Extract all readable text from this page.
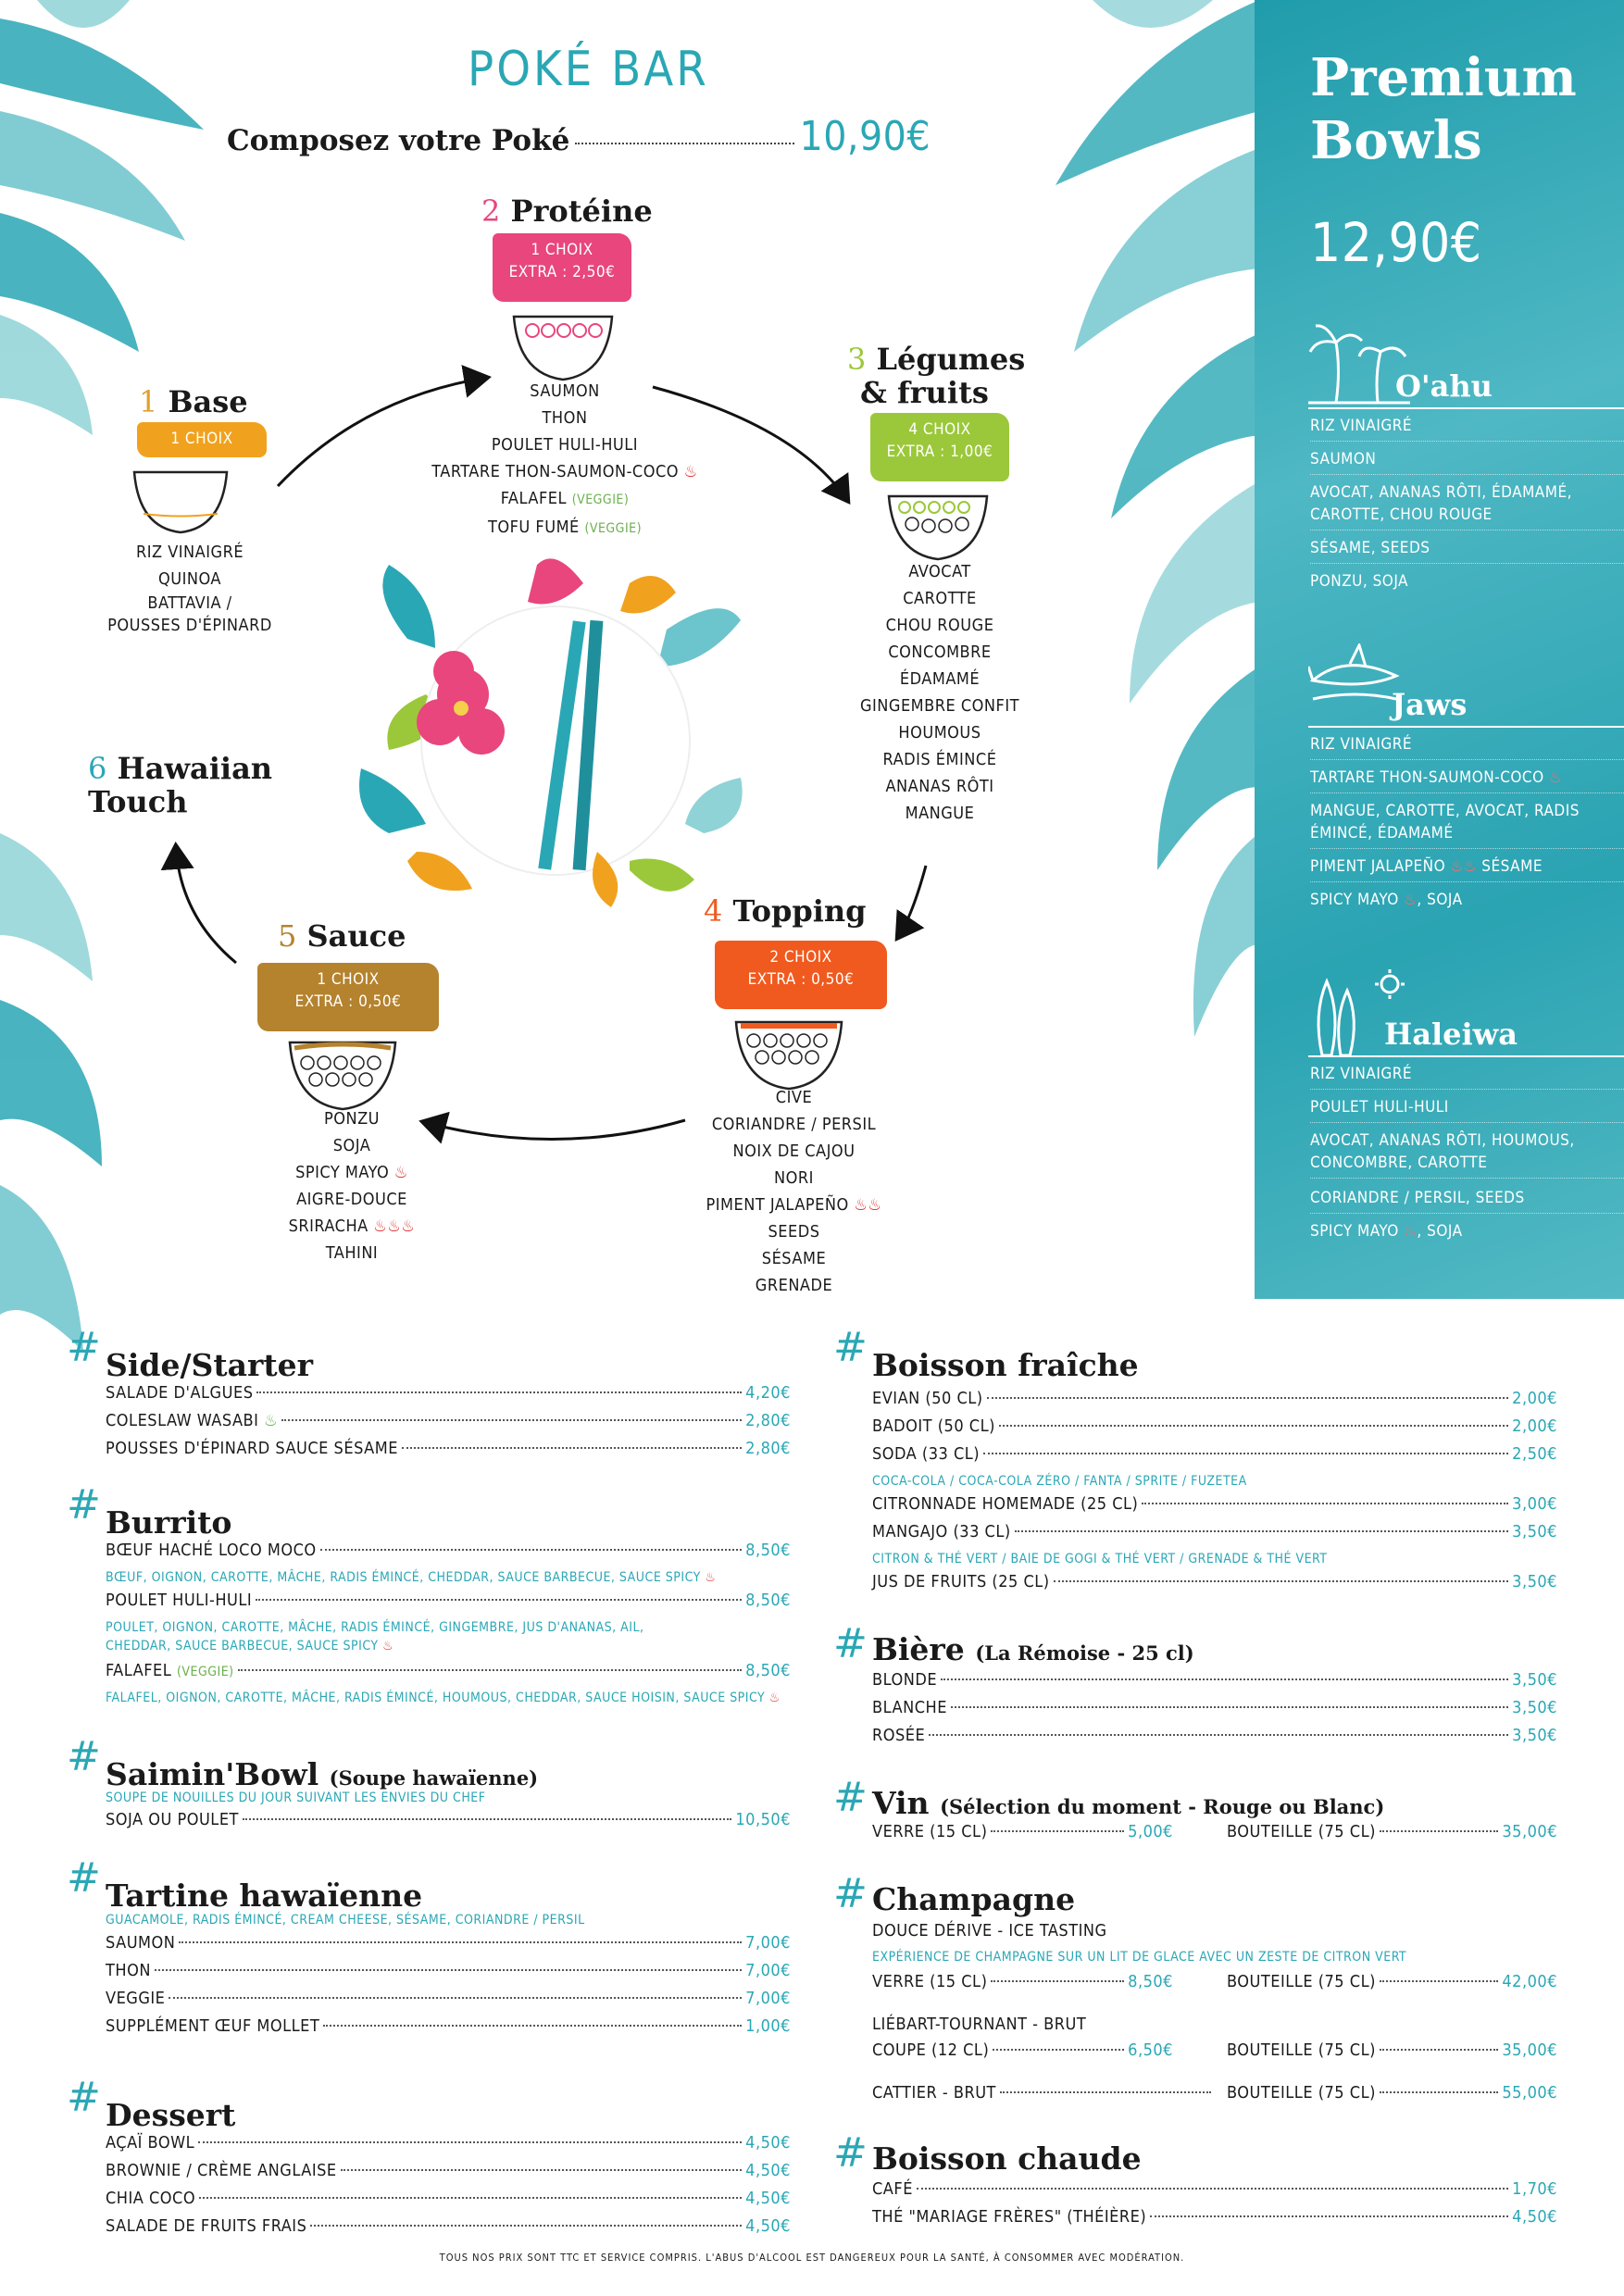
POKÉ BAR
Composez votre Poké	10,90€
1 Base
1 CHOIX
RIZ VINAIGRÉ
QUINOA
BATTAVIA /
POUSSES D'ÉPINARD
2 Protéine
1 CHOIX
EXTRA : 2,50€
SAUMON
THON
POULET HULI-HULI
TARTARE THON-SAUMON-COCO ♨
FALAFEL (VEGGIE)
TOFU FUMÉ (VEGGIE)
3 Légumes
& fruits
4 CHOIX
EXTRA : 1,00€
AVOCAT
CAROTTE
CHOU ROUGE
CONCOMBRE
ÉDAMAMÉ
GINGEMBRE CONFIT
HOUMOUS
RADIS ÉMINCÉ
ANANAS RÔTI
MANGUE
4 Topping
2 CHOIX
EXTRA : 0,50€
CIVE
CORIANDRE / PERSIL
NOIX DE CAJOU
NORI
PIMENT JALAPEÑO ♨♨
SEEDS
SÉSAME
GRENADE
5 Sauce
1 CHOIX
EXTRA : 0,50€
PONZU
SOJA
SPICY MAYO ♨
AIGRE-DOUCE
SRIRACHA ♨♨♨
TAHINI
6 Hawaiian
Touch
Premium
Bowls
12,90€
O'ahu
RIZ VINAIGRÉ
SAUMON
AVOCAT, ANANAS RÔTI, ÉDAMAMÉ, CAROTTE, CHOU ROUGE
SÉSAME, SEEDS
PONZU, SOJA
Jaws
RIZ VINAIGRÉ
TARTARE THON-SAUMON-COCO ♨
MANGUE, CAROTTE, AVOCAT, RADIS ÉMINCÉ, ÉDAMAMÉ
PIMENT JALAPEÑO ♨♨ SÉSAME
SPICY MAYO ♨, SOJA
Haleiwa
RIZ VINAIGRÉ
POULET HULI-HULI
AVOCAT, ANANAS RÔTI, HOUMOUS, CONCOMBRE, CAROTTE
CORIANDRE / PERSIL, SEEDS
SPICY MAYO ♨, SOJA
# Side/Starter
SALADE D'ALGUES	4,20€
COLESLAW WASABI ♨	2,80€
POUSSES D'ÉPINARD SAUCE SÉSAME	2,80€
# Burrito
BŒUF HACHÉ LOCO MOCO	8,50€
BŒUF, OIGNON, CAROTTE, MÂCHE, RADIS ÉMINCÉ, CHEDDAR, SAUCE BARBECUE, SAUCE SPICY ♨
POULET HULI-HULI	8,50€
POULET, OIGNON, CAROTTE, MÂCHE, RADIS ÉMINCÉ, GINGEMBRE, JUS D'ANANAS, AIL,
CHEDDAR, SAUCE BARBECUE, SAUCE SPICY ♨
FALAFEL (VEGGIE)	8,50€
FALAFEL, OIGNON, CAROTTE, MÂCHE, RADIS ÉMINCÉ, HOUMOUS, CHEDDAR, SAUCE HOISIN, SAUCE SPICY ♨
# Saimin'Bowl (Soupe hawaïenne)
SOUPE DE NOUILLES DU JOUR SUIVANT LES ENVIES DU CHEF
SOJA OU POULET	10,50€
# Tartine hawaïenne
GUACAMOLE, RADIS ÉMINCÉ, CREAM CHEESE, SÉSAME, CORIANDRE / PERSIL
SAUMON	7,00€
THON	7,00€
VEGGIE	7,00€
SUPPLÉMENT ŒUF MOLLET	1,00€
# Dessert
AÇAÏ BOWL	4,50€
BROWNIE / CRÈME ANGLAISE	4,50€
CHIA COCO	4,50€
SALADE DE FRUITS FRAIS	4,50€
# Boisson fraîche
EVIAN (50 CL)	2,00€
BADOIT (50 CL)	2,00€
SODA (33 CL)	2,50€
COCA-COLA / COCA-COLA ZÉRO / FANTA / SPRITE / FUZETEA
CITRONNADE HOMEMADE (25 CL)	3,00€
MANGAJO (33 CL)	3,50€
CITRON & THÉ VERT / BAIE DE GOGI & THÉ VERT / GRENADE & THÉ VERT
JUS DE FRUITS (25 CL)	3,50€
# Bière (La Rémoise - 25 cl)
BLONDE	3,50€
BLANCHE	3,50€
ROSÉE	3,50€
# Vin (Sélection du moment - Rouge ou Blanc)
VERRE (15 CL)	5,00€	BOUTEILLE (75 CL)	35,00€
# Champagne
DOUCE DÉRIVE - ICE TASTING
EXPÉRIENCE DE CHAMPAGNE SUR UN LIT DE GLACE AVEC UN ZESTE DE CITRON VERT
VERRE (15 CL)	8,50€	BOUTEILLE (75 CL)	42,00€
LIÉBART-TOURNANT - BRUT
COUPE (12 CL)	6,50€	BOUTEILLE (75 CL)	35,00€
CATTIER - BRUT	BOUTEILLE (75 CL)	55,00€
# Boisson chaude
CAFÉ	1,70€
THÉ "MARIAGE FRÈRES" (THÉIÈRE)	4,50€
TOUS NOS PRIX SONT TTC ET SERVICE COMPRIS. L'ABUS D'ALCOOL EST DANGEREUX POUR LA SANTÉ, À CONSOMMER AVEC MODÉRATION.
